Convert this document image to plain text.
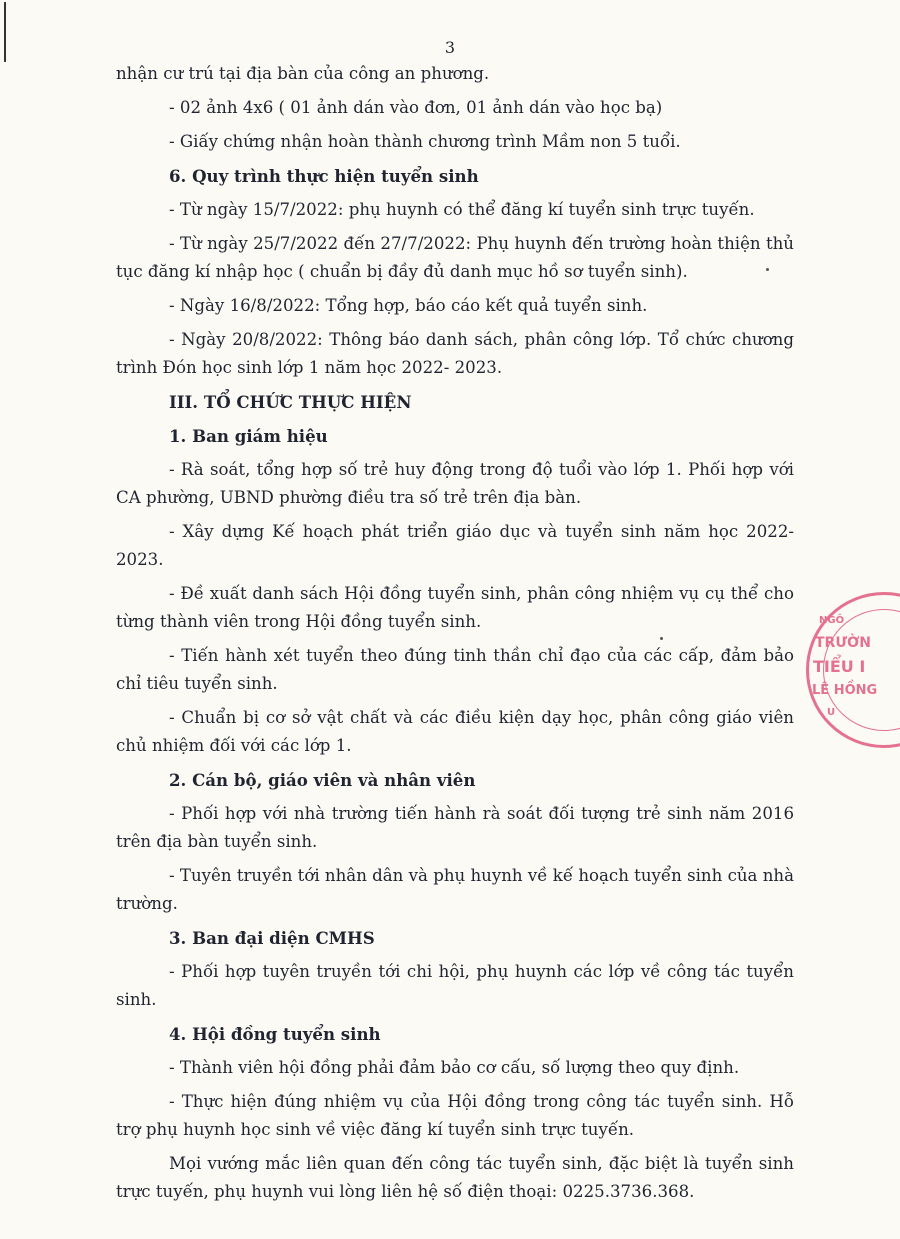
3

nhận cư trú tại địa bàn của công an phương.

- 02 ảnh 4x6 ( 01 ảnh dán vào đơn, 01 ảnh dán vào học bạ)

- Giấy chứng nhận hoàn thành chương trình Mầm non 5 tuổi.

6. Quy trình thực hiện tuyển sinh

- Từ ngày 15/7/2022: phụ huynh có thể đăng kí tuyển sinh trực tuyến.

- Từ ngày 25/7/2022 đến 27/7/2022: Phụ huynh đến trường hoàn thiện thủ tục đăng kí nhập học ( chuẩn bị đầy đủ danh mục hồ sơ tuyển sinh).

- Ngày 16/8/2022: Tổng hợp, báo cáo kết quả tuyển sinh.

- Ngày 20/8/2022: Thông báo danh sách, phân công lớp. Tổ chức chương trình Đón học sinh lớp 1 năm học 2022- 2023.

III. TỔ CHỨC THỰC HIỆN

1. Ban giám hiệu

- Rà soát, tổng hợp số trẻ huy động trong độ tuổi vào lớp 1. Phối hợp với CA phường, UBND phường điều tra số trẻ trên địa bàn.

- Xây dựng Kế hoạch phát triển giáo dục và tuyển sinh năm học 2022-2023.

- Đề xuất danh sách Hội đồng tuyển sinh, phân công nhiệm vụ cụ thể cho từng thành viên trong Hội đồng tuyển sinh.

- Tiến hành xét tuyển theo đúng tinh thần chỉ đạo của các cấp, đảm bảo chỉ tiêu tuyển sinh.

- Chuẩn bị cơ sở vật chất và các điều kiện dạy học, phân công giáo viên chủ nhiệm đối với các lớp 1.

2. Cán bộ, giáo viên và nhân viên

- Phối hợp với nhà trường tiến hành rà soát đối tượng trẻ sinh năm 2016 trên địa bàn tuyển sinh.

- Tuyên truyền tới nhân dân và phụ huynh về kế hoạch tuyển sinh của nhà trường.

3. Ban đại diện CMHS

- Phối hợp tuyên truyền tới chi hội, phụ huynh các lớp về công tác tuyển sinh.

4. Hội đồng tuyển sinh

- Thành viên hội đồng phải đảm bảo cơ cấu, số lượng theo quy định.

- Thực hiện đúng nhiệm vụ của Hội đồng trong công tác tuyển sinh. Hỗ trợ phụ huynh học sinh về việc đăng kí tuyển sinh trực tuyến.

Mọi vướng mắc liên quan đến công tác tuyển sinh, đặc biệt là tuyển sinh trực tuyến, phụ huynh vui lòng liên hệ số điện thoại: 0225.3736.368.

NGÔ
TRƯỜN
TIỂU I
LÊ HỒNG
U
